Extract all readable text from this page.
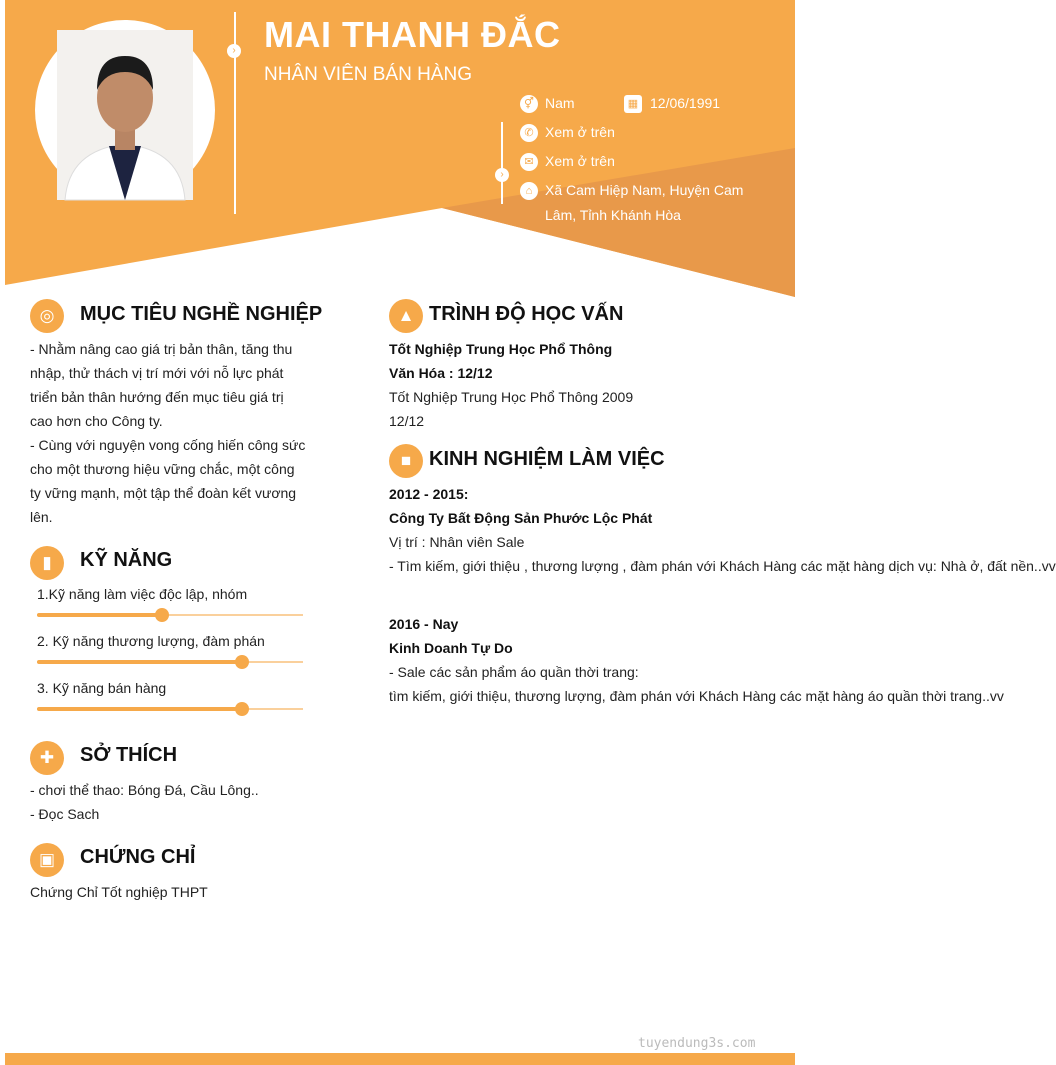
› MAI THANH ĐẮC
NHÂN VIÊN BÁN HÀNG
›
⚥ Nam	▦ 12/06/1991
✆ Xem ở trên
✉ Xem ở trên
⌂ Xã Cam Hiệp Nam, Huyện Cam
Lâm, Tỉnh Khánh Hòa
◎	MỤC TIÊU NGHỀ NGHIỆP
- Nhằm nâng cao giá trị bản thân, tăng thu
nhập, thử thách vị trí mới với nỗ lực phát
triển bản thân hướng đến mục tiêu giá trị
cao hơn cho Công ty.
- Cùng với nguyện vong cống hiến công sức
cho một thương hiệu vững chắc, một công
ty vững mạnh, một tập thể đoàn kết vương
lên.
▮	KỸ NĂNG
1.Kỹ năng làm việc độc lập, nhóm
2. Kỹ năng thương lượng, đàm phán
3. Kỹ năng bán hàng
✚	SỞ THÍCH
- chơi thể thao: Bóng Đá, Cầu Lông..
- Đọc Sach
▣	CHỨNG CHỈ
Chứng Chỉ Tốt nghiệp THPT
▲ TRÌNH ĐỘ HỌC VẤN
Tốt Nghiệp Trung Học Phổ Thông
Văn Hóa : 12/12
Tốt Nghiệp Trung Học Phổ Thông 2009
12/12
■ KINH NGHIỆM LÀM VIỆC
2012 - 2015:
Công Ty Bất Động Sản Phước Lộc Phát
Vị trí : Nhân viên Sale
- Tìm kiếm, giới thiệu , thương lượng , đàm phán với Khách Hàng các mặt hàng dịch vụ: Nhà ở, đất nền..vv
2016 - Nay
Kinh Doanh Tự Do
- Sale các sản phẩm áo quần thời trang:
tìm kiếm, giới thiệu, thương lượng, đàm phán với Khách Hàng các mặt hàng áo quần thời trang..vv
tuyendung3s.com
